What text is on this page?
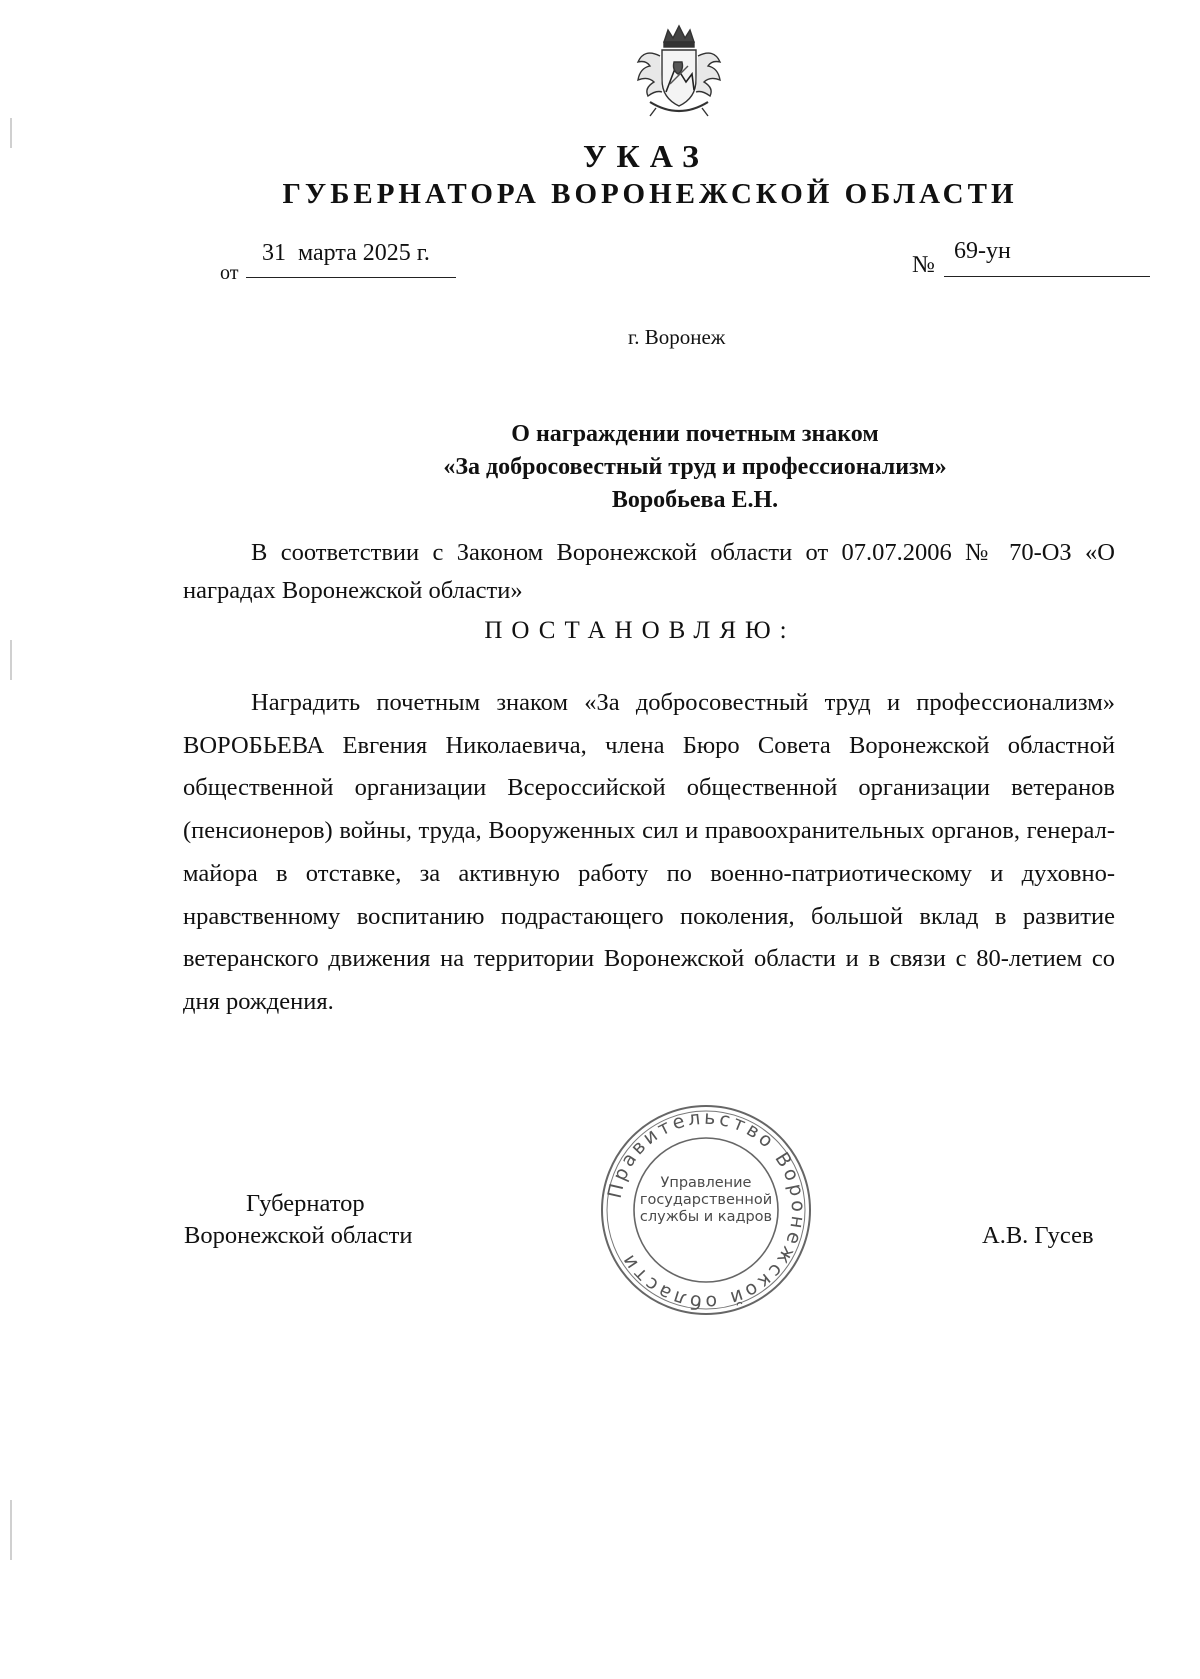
УКАЗ
ГУБЕРНАТОРА ВОРОНЕЖСКОЙ ОБЛАСТИ
от
31  марта 2025 г.	№
69-ун
г. Воронеж
О награждении почетным знаком
«За добросовестный труд и профессионализм»
Воробьева Е.Н.
В соответствии с Законом Воронежской области от 07.07.2006 № 70-ОЗ «О наградах Воронежской области»
ПОСТАНОВЛЯЮ:
Наградить почетным знаком «За добросовестный труд и профессионализм» ВОРОБЬЕВА Евгения Николаевича, члена Бюро Совета Воронежской областной общественной организации Всероссийской общественной организации ветеранов (пенсионеров) войны, труда, Вооруженных сил и правоохранительных органов, генерал-майора в отставке, за активную работу по военно-патриотическому и духовно-нравственному воспитанию подрастающего поколения, большой вклад в развитие ветеранского движения на территории Воронежской области и в связи с 80-летием со дня рождения.
Губернатор
Воронежской области	А.В. Гусев
Правительство Воронежской области
Управление
государственной
службы и кадров
